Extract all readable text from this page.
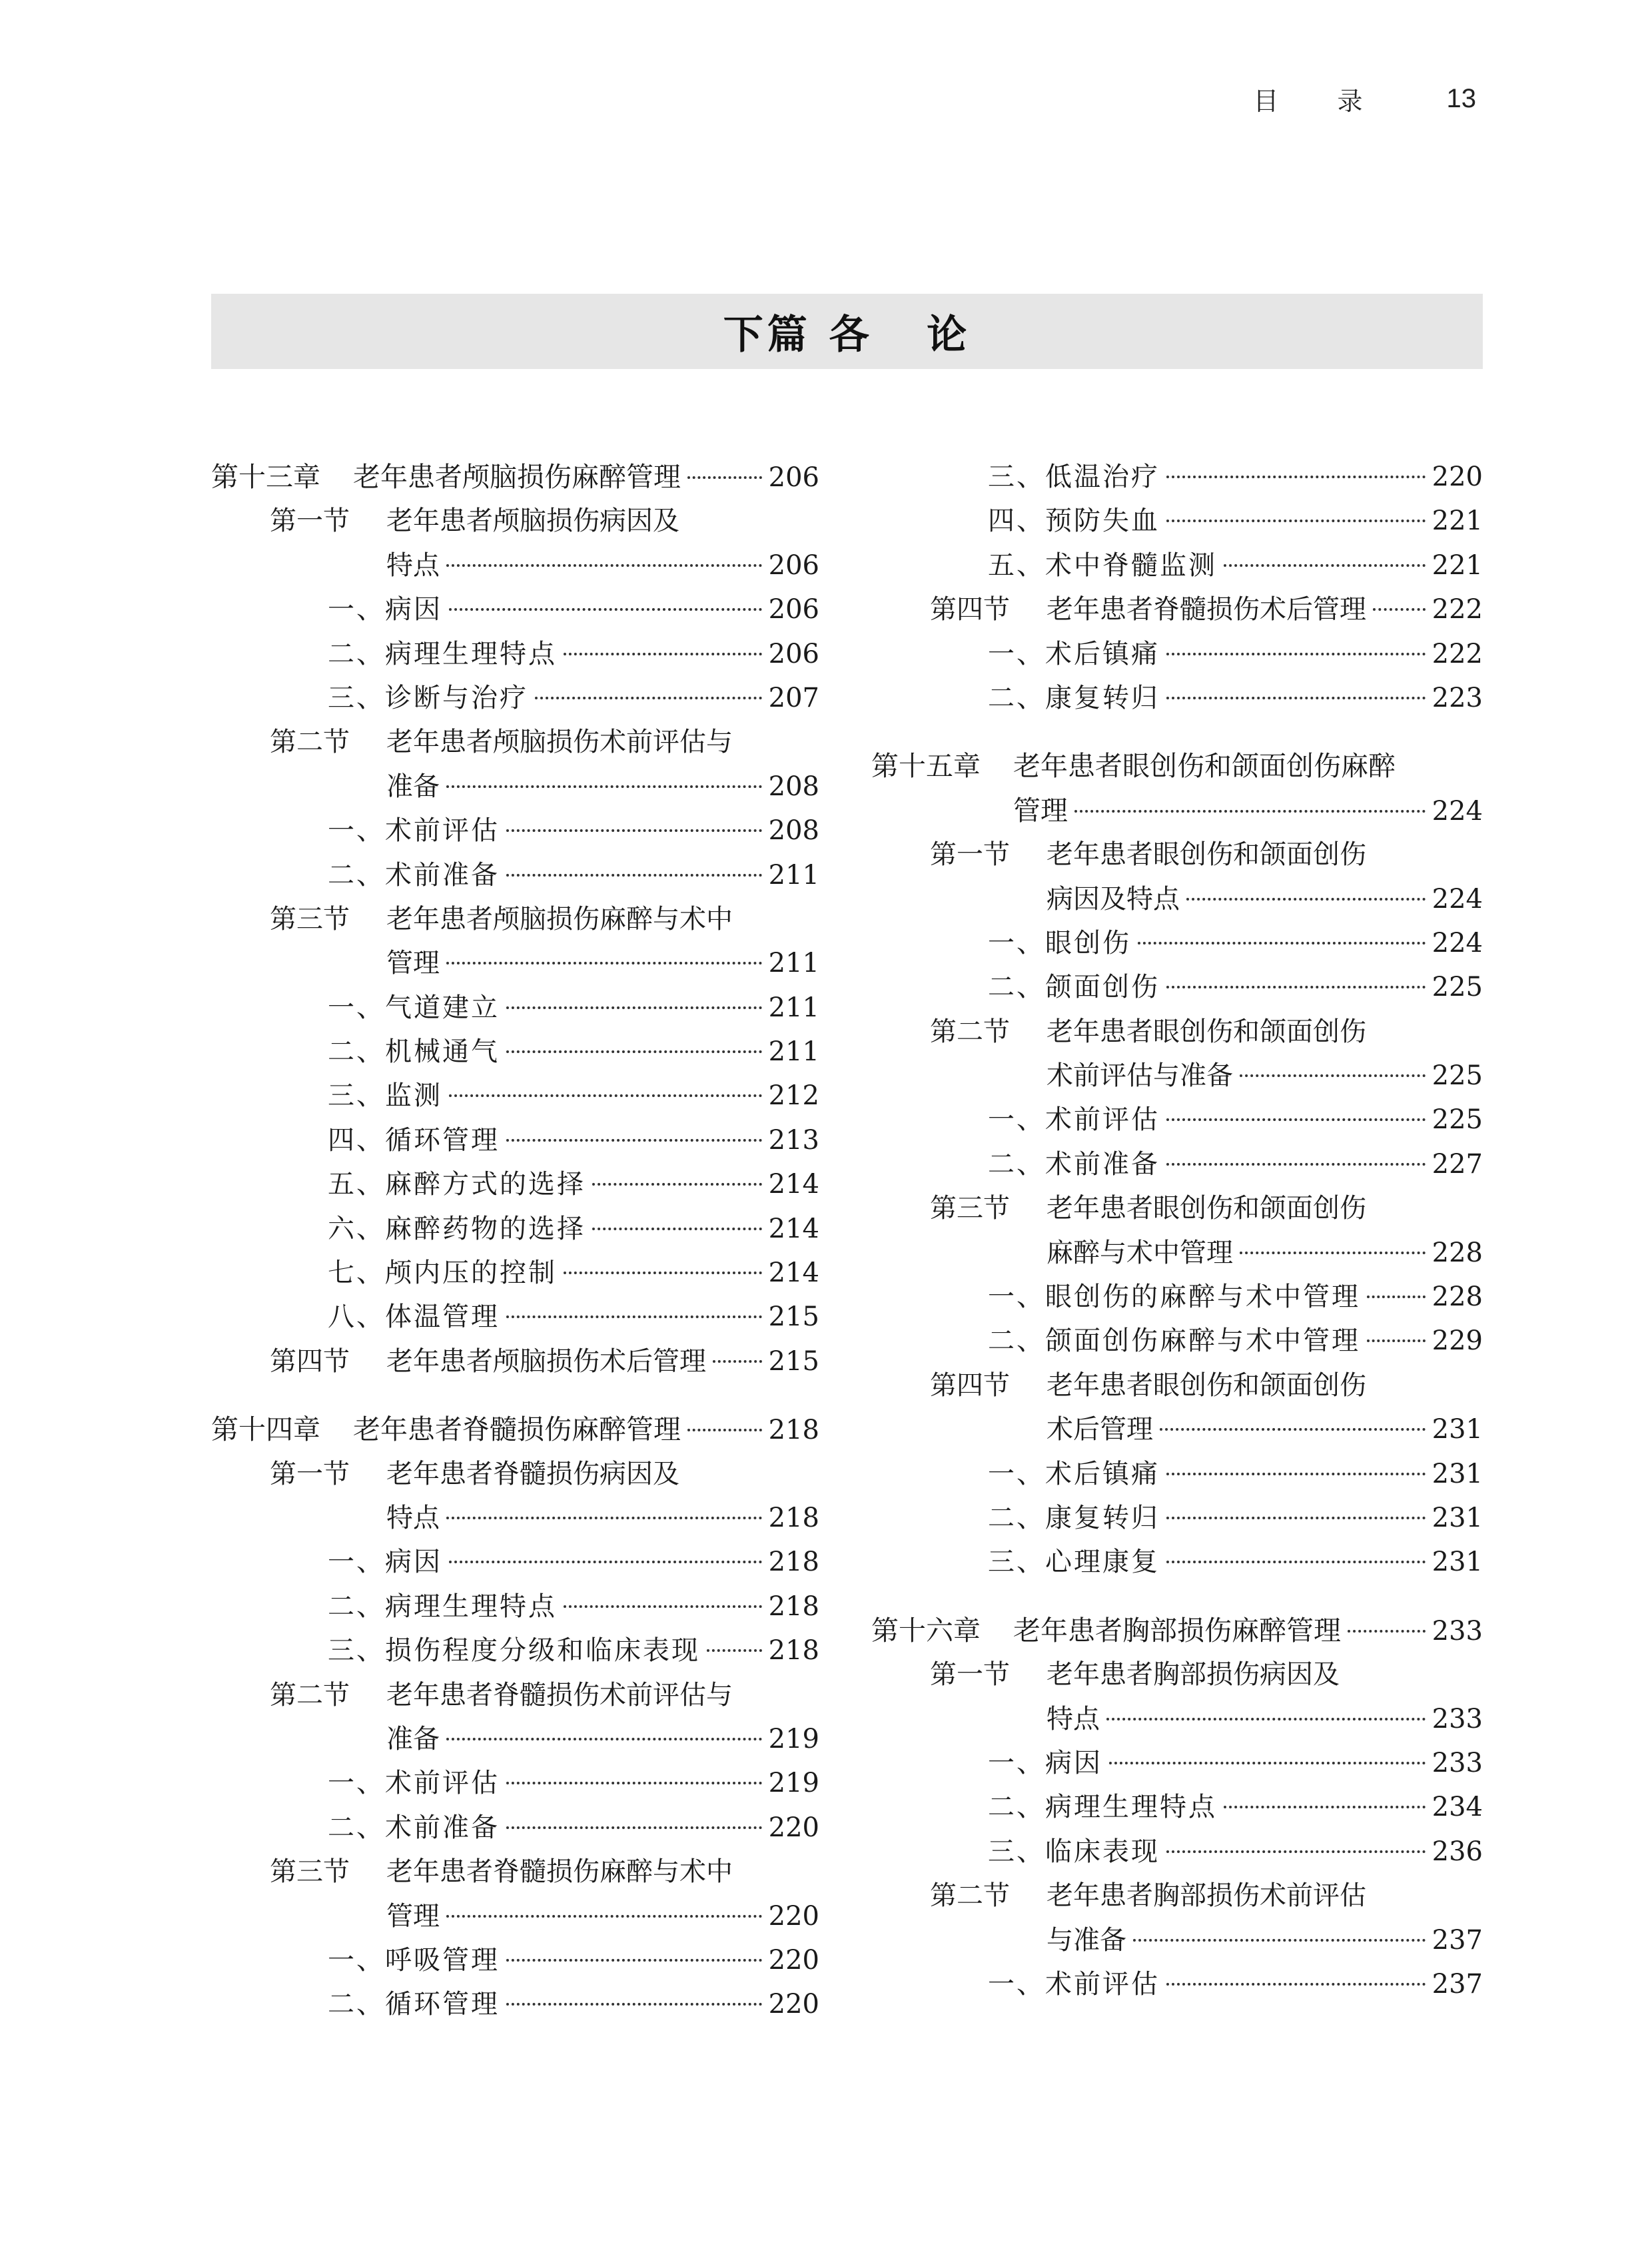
目 录 13
下篇 各   论
第十三章 老年患者颅脑损伤麻醉管理	206
第一节 老年患者颅脑损伤病因及
特点	206
一、病因	206
二、病理生理特点	206
三、诊断与治疗	207
第二节 老年患者颅脑损伤术前评估与
准备	208
一、术前评估	208
二、术前准备	211
第三节 老年患者颅脑损伤麻醉与术中
管理	211
一、气道建立	211
二、机械通气	211
三、监测	212
四、循环管理	213
五、麻醉方式的选择	214
六、麻醉药物的选择	214
七、颅内压的控制	214
八、体温管理	215
第四节 老年患者颅脑损伤术后管理 215
第十四章 老年患者脊髓损伤麻醉管理	218
第一节 老年患者脊髓损伤病因及
特点	218
一、病因	218
二、病理生理特点	218
三、损伤程度分级和临床表现	218
第二节 老年患者脊髓损伤术前评估与
准备	219
一、术前评估	219
二、术前准备	220
第三节 老年患者脊髓损伤麻醉与术中
管理	220
一、呼吸管理	220
二、循环管理	220
三、低温治疗	220
四、预防失血	221
五、术中脊髓监测	221
第四节 老年患者脊髓损伤术后管理 222
一、术后镇痛	222
二、康复转归	223
第十五章 老年患者眼创伤和颌面创伤麻醉
管理	224
第一节 老年患者眼创伤和颌面创伤
病因及特点	224
一、眼创伤	224
二、颌面创伤	225
第二节 老年患者眼创伤和颌面创伤
术前评估与准备	225
一、术前评估	225
二、术前准备	227
第三节 老年患者眼创伤和颌面创伤
麻醉与术中管理	228
一、眼创伤的麻醉与术中管理	228
二、颌面创伤麻醉与术中管理	229
第四节 老年患者眼创伤和颌面创伤
术后管理	231
一、术后镇痛	231
二、康复转归	231
三、心理康复	231
第十六章 老年患者胸部损伤麻醉管理	233
第一节 老年患者胸部损伤病因及
特点	233
一、病因	233
二、病理生理特点	234
三、临床表现	236
第二节 老年患者胸部损伤术前评估
与准备	237
一、术前评估	237
